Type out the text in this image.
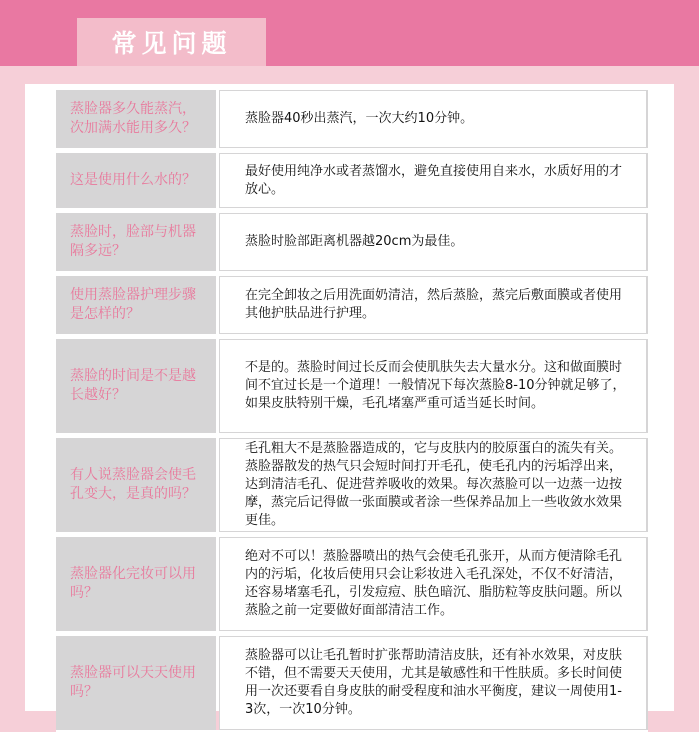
常见问题
蒸脸器多久能蒸汽，次加满水能用多久？
蒸脸器40秒出蒸汽，一次大约10分钟。
这是使用什么水的？
最好使用纯净水或者蒸馏水，避免直接使用自来水，水质好用的才放心。
蒸脸时，脸部与机器隔多远？
蒸脸时脸部距离机器越20cm为最佳。
使用蒸脸器护理步骤是怎样的？
在完全卸妆之后用洗面奶清洁，然后蒸脸，蒸完后敷面膜或者使用其他护肤品进行护理。
蒸脸的时间是不是越长越好？
不是的。蒸脸时间过长反而会使肌肤失去大量水分。这和做面膜时间不宜过长是一个道理！一般情况下每次蒸脸8-10分钟就足够了，如果皮肤特别干燥，毛孔堵塞严重可适当延长时间。
有人说蒸脸器会使毛孔变大，是真的吗？
毛孔粗大不是蒸脸器造成的，它与皮肤内的胶原蛋白的流失有关。蒸脸器散发的热气只会短时间打开毛孔，使毛孔内的污垢浮出来，达到清洁毛孔、促进营养吸收的效果。每次蒸脸可以一边蒸一边按摩，蒸完后记得做一张面膜或者涂一些保养品加上一些收敛水效果更佳。
蒸脸器化完妆可以用吗？
绝对不可以！蒸脸器喷出的热气会使毛孔张开，从而方便清除毛孔内的污垢，化妆后使用只会让彩妆进入毛孔深处，不仅不好清洁，还容易堵塞毛孔，引发痘痘、肤色暗沉、脂肪粒等皮肤问题。所以蒸脸之前一定要做好面部清洁工作。
蒸脸器可以天天使用吗？
蒸脸器可以让毛孔暂时扩张帮助清洁皮肤，还有补水效果，对皮肤不错，但不需要天天使用，尤其是敏感性和干性肤质。多长时间使用一次还要看自身皮肤的耐受程度和油水平衡度，建议一周使用1-3次，一次10分钟。
